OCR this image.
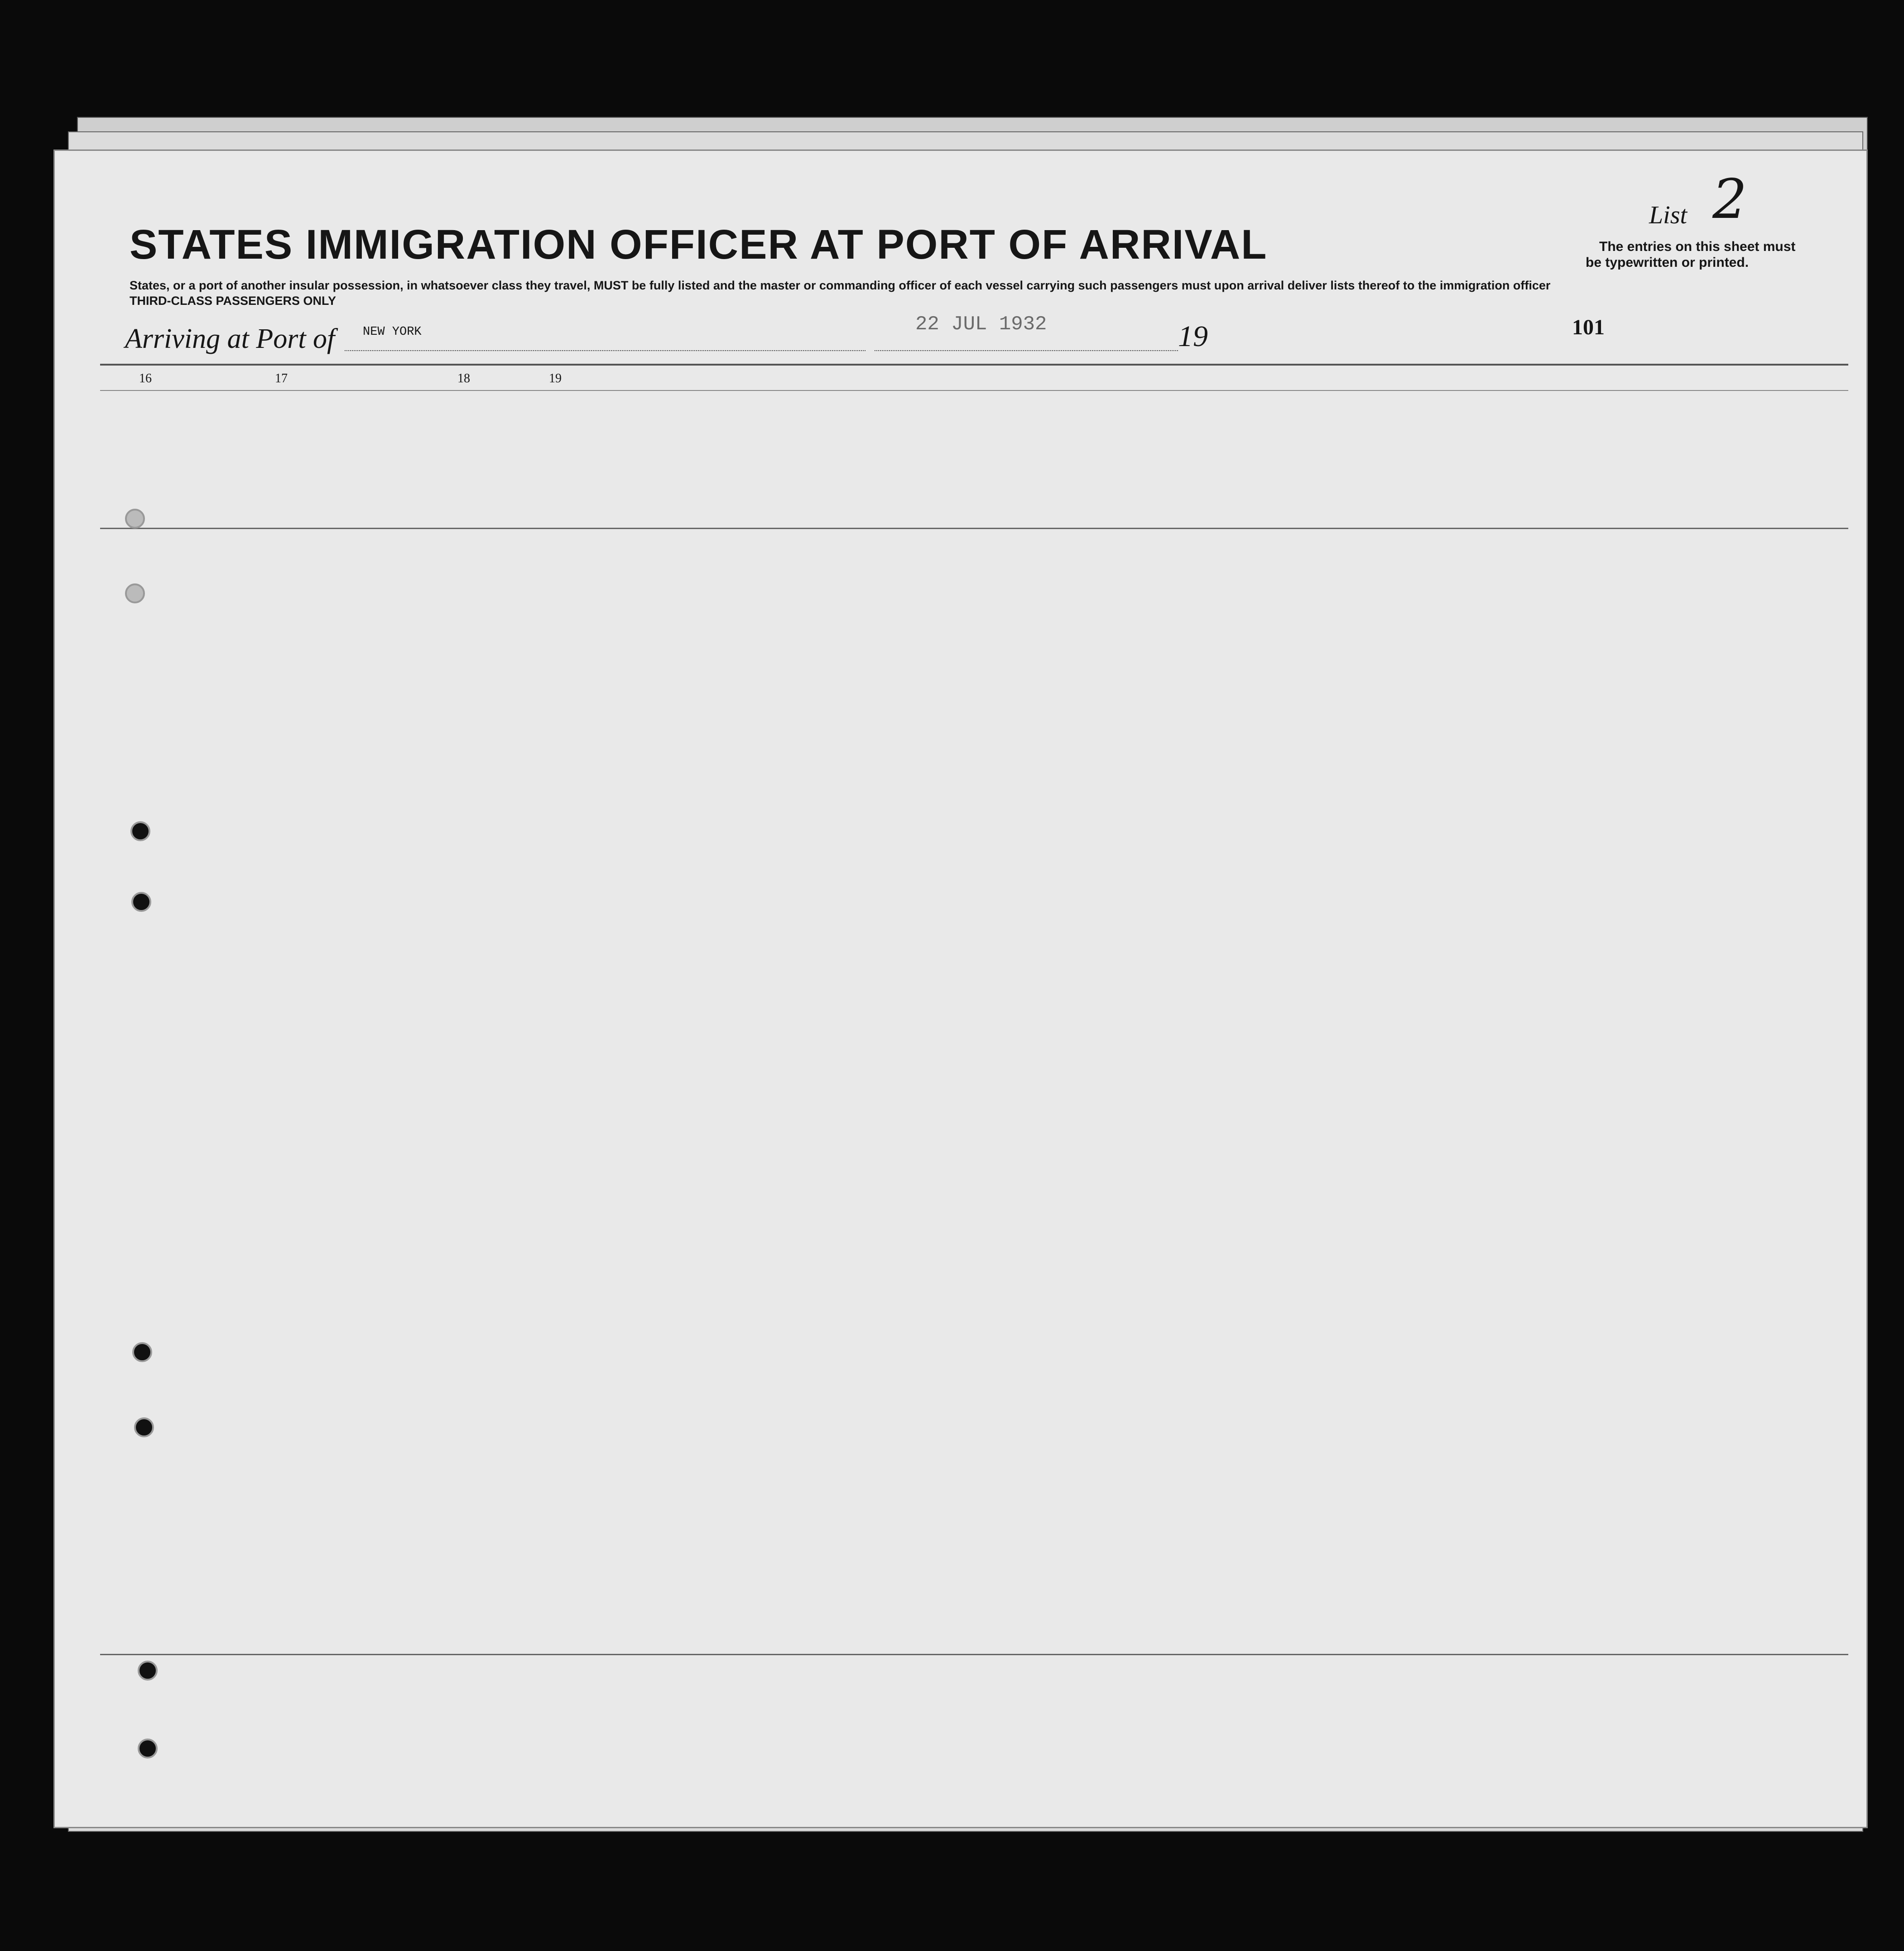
STATES IMMIGRATION OFFICER AT PORT OF ARRIVAL
States, or a port of another insular possession, in whatsoever class they travel, MUST be fully listed and the master or commanding officer of each vessel carrying such passengers must upon arrival deliver lists thereof to the immigration officer
THIRD-CLASS PASSENGERS ONLY
List 2
The entries on this sheet must
be typewritten or printed.
Arriving at Port of NEW YORK	22 JUL 1932	19	101
16	17	18	19
